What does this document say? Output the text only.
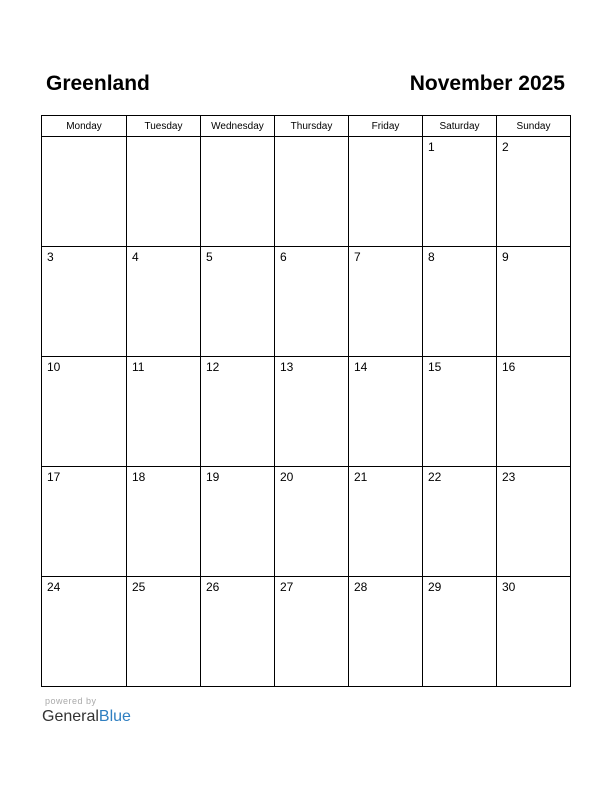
Greenland	November 2025
Monday	Tuesday	Wednesday	Thursday	Friday	Saturday	Sunday

					1	2

3	4	5	6	7	8	9

10	11	12	13	14	15	16

17	18	19	20	21	22	23

24	25	26	27	28	29	30
powered by
GeneralBlue
